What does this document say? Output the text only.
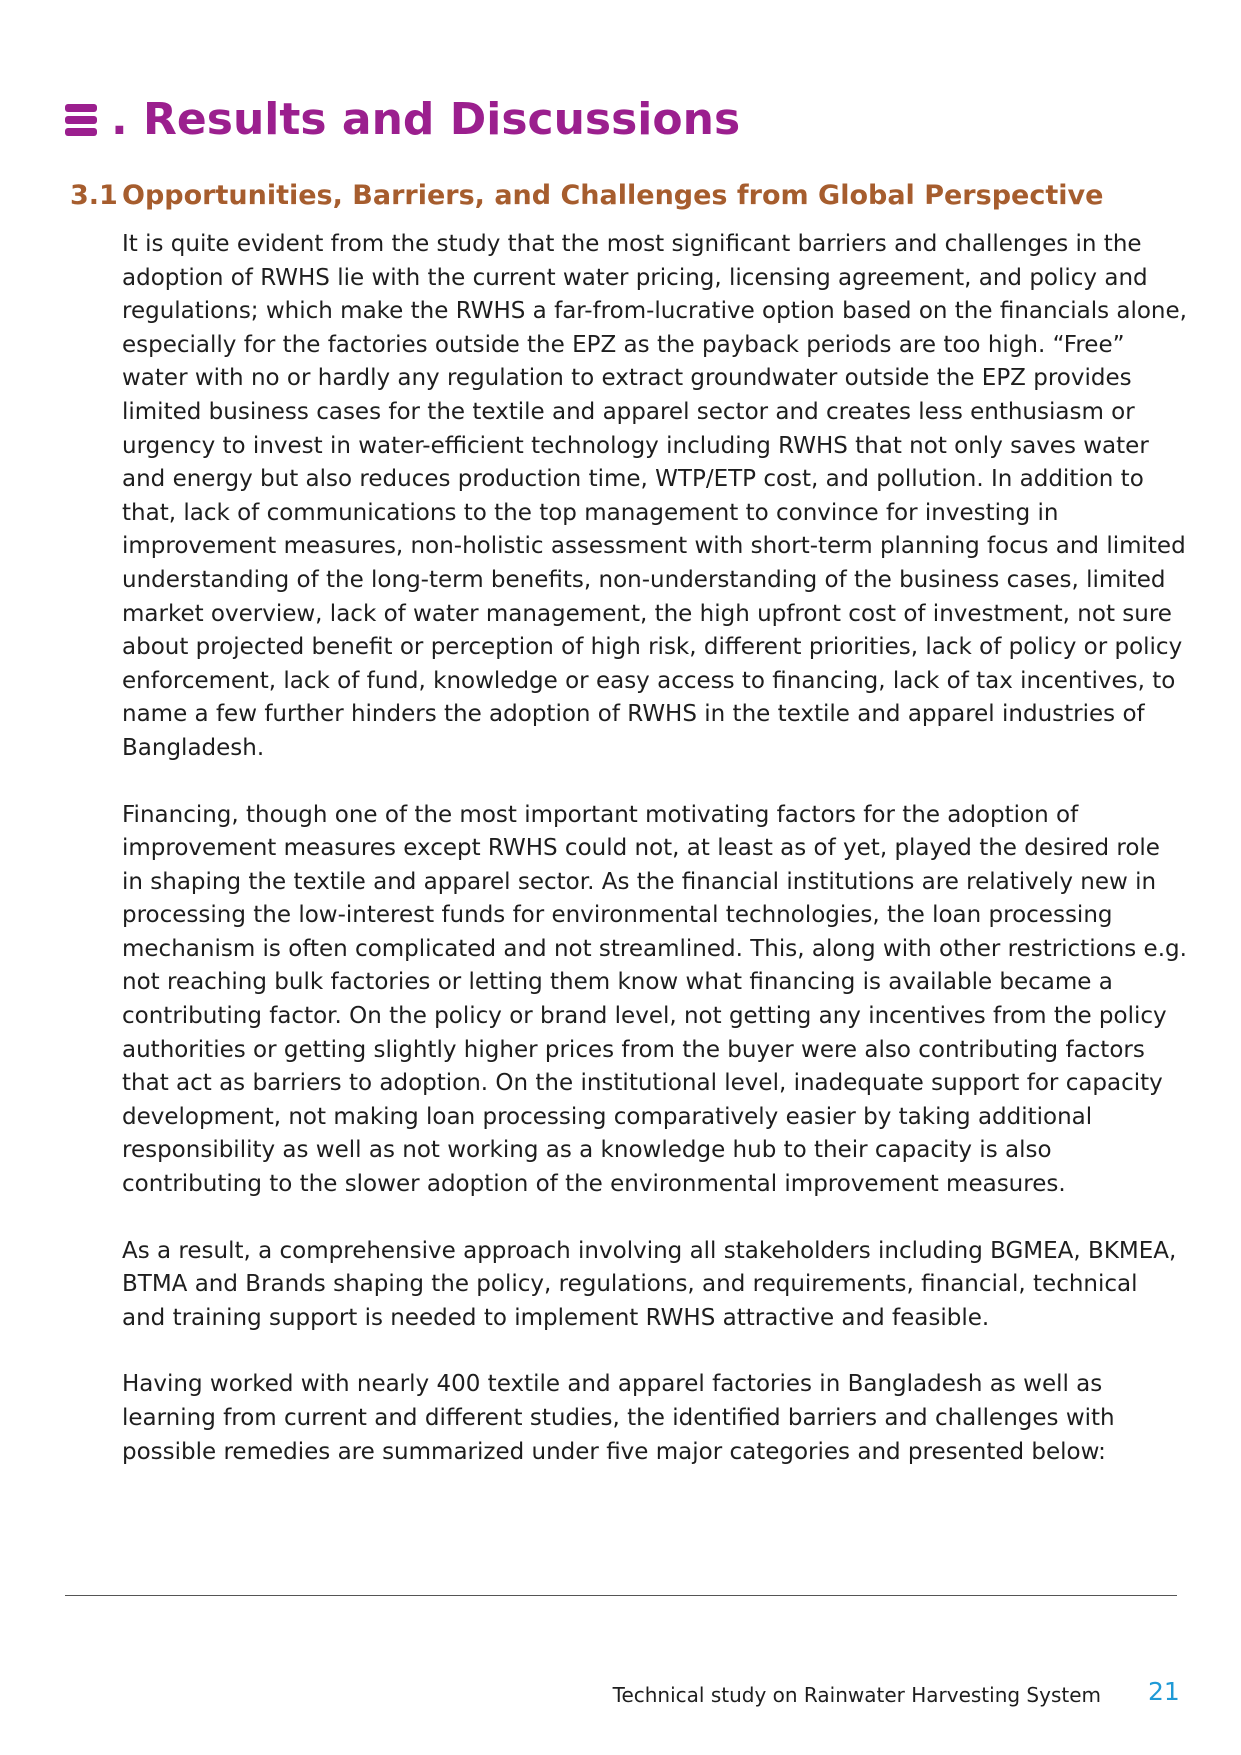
. Results and Discussions
3.1 Opportunities, Barriers, and Challenges from Global Perspective

It is quite evident from the study that the most significant barriers and challenges in the adoption of RWHS lie with the current water pricing, licensing agreement, and policy and regulations; which make the RWHS a far-from-lucrative option based on the financials alone, especially for the factories outside the EPZ as the payback periods are too high. “Free” water with no or hardly any regulation to extract groundwater outside the EPZ provides limited business cases for the textile and apparel sector and creates less enthusiasm or urgency to invest in water-efficient technology including RWHS that not only saves water and energy but also reduces production time, WTP/ETP cost, and pollution. In addition to that, lack of communications to the top management to convince for investing in improvement measures, non-holistic assessment with short-term planning focus and limited understanding of the long-term benefits, non-understanding of the business cases, limited market overview, lack of water management, the high upfront cost of investment, not sure about projected benefit or perception of high risk, different priorities, lack of policy or policy enforcement, lack of fund, knowledge or easy access to financing, lack of tax incentives, to name a few further hinders the adoption of RWHS in the textile and apparel industries of Bangladesh.

Financing, though one of the most important motivating factors for the adoption of improvement measures except RWHS could not, at least as of yet, played the desired role in shaping the textile and apparel sector. As the financial institutions are relatively new in processing the low-interest funds for environmental technologies, the loan processing mechanism is often complicated and not streamlined. This, along with other restrictions e.g. not reaching bulk factories or letting them know what financing is available became a contributing factor. On the policy or brand level, not getting any incentives from the policy authorities or getting slightly higher prices from the buyer were also contributing factors that act as barriers to adoption. On the institutional level, inadequate support for capacity development, not making loan processing comparatively easier by taking additional responsibility as well as not working as a knowledge hub to their capacity is also contributing to the slower adoption of the environmental improvement measures.

As a result, a comprehensive approach involving all stakeholders including BGMEA, BKMEA, BTMA and Brands shaping the policy, regulations, and requirements, financial, technical and training support is needed to implement RWHS attractive and feasible.

Having worked with nearly 400 textile and apparel factories in Bangladesh as well as learning from current and different studies, the identified barriers and challenges with possible remedies are summarized under five major categories and presented below:

Technical study on Rainwater Harvesting System 21
